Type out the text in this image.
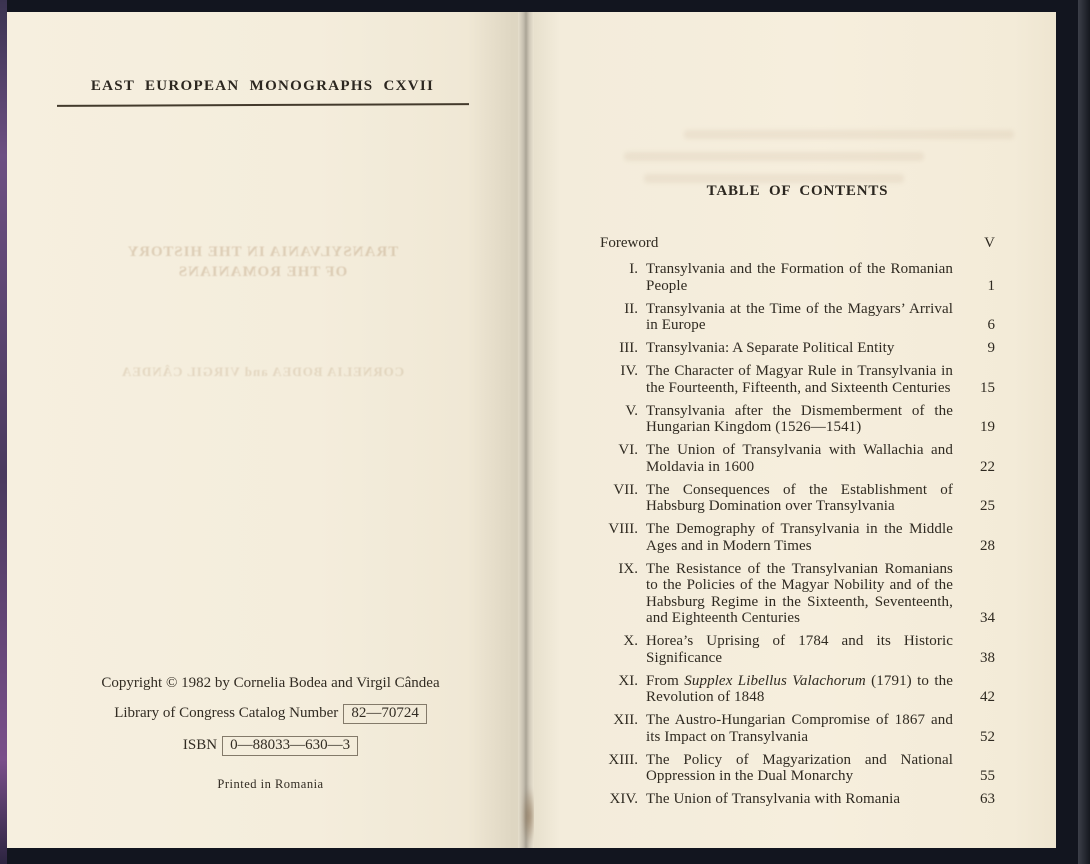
EAST EUROPEAN MONOGRAPHS CXVII
TRANSYLVANIA IN THE HISTORY
OF THE ROMANIANS
CORNELIA BODEA and VIRGIL CÂNDEA
Copyright © 1982 by Cornelia Bodea and Virgil Cândea
Library of Congress Catalog Number 82—70724
ISBN 0—88033—630—3
Printed in Romania
TABLE OF CONTENTS
Foreword	V
I. Transylvania and the Formation of the Romanian People	1
II. Transylvania at the Time of the Magyars’ Arrival in Europe	6
III. Transylvania: A Separate Political Entity	9
IV. The Character of Magyar Rule in Transylvania in the Fourteenth, Fifteenth, and Sixteenth Centuries	15
V. Transylvania after the Dismemberment of the Hungarian Kingdom (1526—1541)	19
VI. The Union of Transylvania with Wallachia and Moldavia in 1600	22
VII. The Consequences of the Establishment of Habsburg Domination over Transylvania	25
VIII. The Demography of Transylvania in the Middle Ages and in Modern Times	28
IX. The Resistance of the Transylvanian Romanians to the Policies of the Magyar Nobility and of the Habsburg Regime in the Sixteenth, Seventeenth, and Eighteenth Centuries	34
X. Horea’s Uprising of 1784 and its Historic Significance	38
XI. From Supplex Libellus Valachorum (1791) to the Revolution of 1848	42
XII. The Austro-Hungarian Compromise of 1867 and its Impact on Transylvania	52
XIII. The Policy of Magyarization and National Oppression in the Dual Monarchy	55
XIV. The Union of Transylvania with Romania	63
